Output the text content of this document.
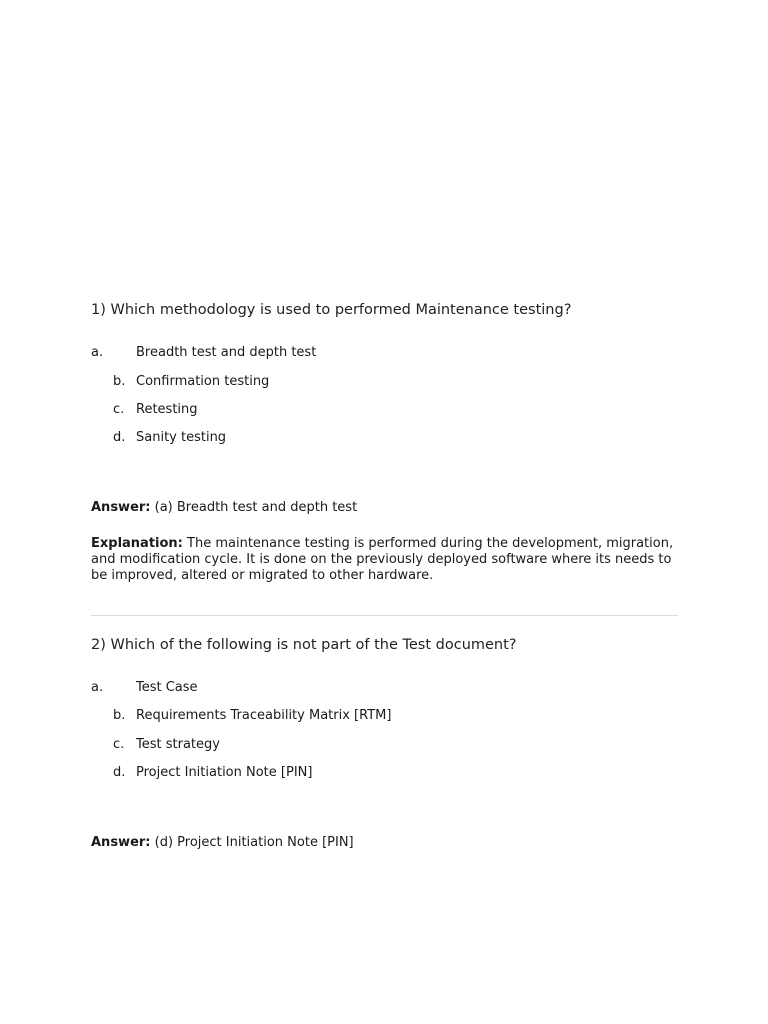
1) Which methodology is used to performed Maintenance testing?
a.	Breadth test and depth test
b. Confirmation testing
c. Retesting
d. Sanity testing
Answer: (a) Breadth test and depth test
Explanation: The maintenance testing is performed during the development, migration, and modification cycle. It is done on the previously deployed software where its needs to be improved, altered or migrated to other hardware.
2) Which of the following is not part of the Test document?
a.	Test Case
b. Requirements Traceability Matrix [RTM]
c. Test strategy
d. Project Initiation Note [PIN]
Answer: (d) Project Initiation Note [PIN]
